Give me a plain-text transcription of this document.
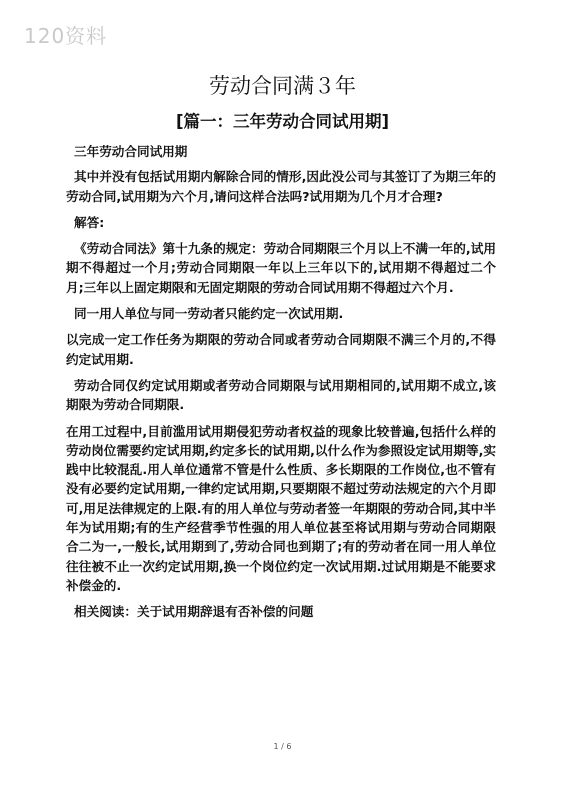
120资料
劳动合同满３年
[篇一：三年劳动合同试用期]

三年劳动合同试用期

其中并没有包括试用期内解除合同的情形,因此没公司与其签订了为期三年的劳动合同,试用期为六个月,请问这样合法吗?试用期为几个月才合理?

解答:

《劳动合同法》第十九条的规定：劳动合同期限三个月以上不满一年的,试用期不得超过一个月;劳动合同期限一年以上三年以下的,试用期不得超过二个月;三年以上固定期限和无固定期限的劳动合同试用期不得超过六个月.

同一用人单位与同一劳动者只能约定一次试用期.

以完成一定工作任务为期限的劳动合同或者劳动合同期限不满三个月的,不得约定试用期.

劳动合同仅约定试用期或者劳动合同期限与试用期相同的,试用期不成立,该期限为劳动合同期限.

在用工过程中,目前滥用试用期侵犯劳动者权益的现象比较普遍,包括什么样的劳动岗位需要约定试用期,约定多长的试用期,以什么作为参照设定试用期等,实践中比较混乱.用人单位通常不管是什么性质、多长期限的工作岗位,也不管有没有必要约定试用期,一律约定试用期,只要期限不超过劳动法规定的六个月即可,用足法律规定的上限.有的用人单位与劳动者签一年期限的劳动合同,其中半年为试用期;有的生产经营季节性强的用人单位甚至将试用期与劳动合同期限合二为一,一般长,试用期到了,劳动合同也到期了;有的劳动者在同一用人单位往往被不止一次约定试用期,换一个岗位约定一次试用期.过试用期是不能要求补偿金的.

相关阅读：关于试用期辞退有否补偿的问题

1 / 6
